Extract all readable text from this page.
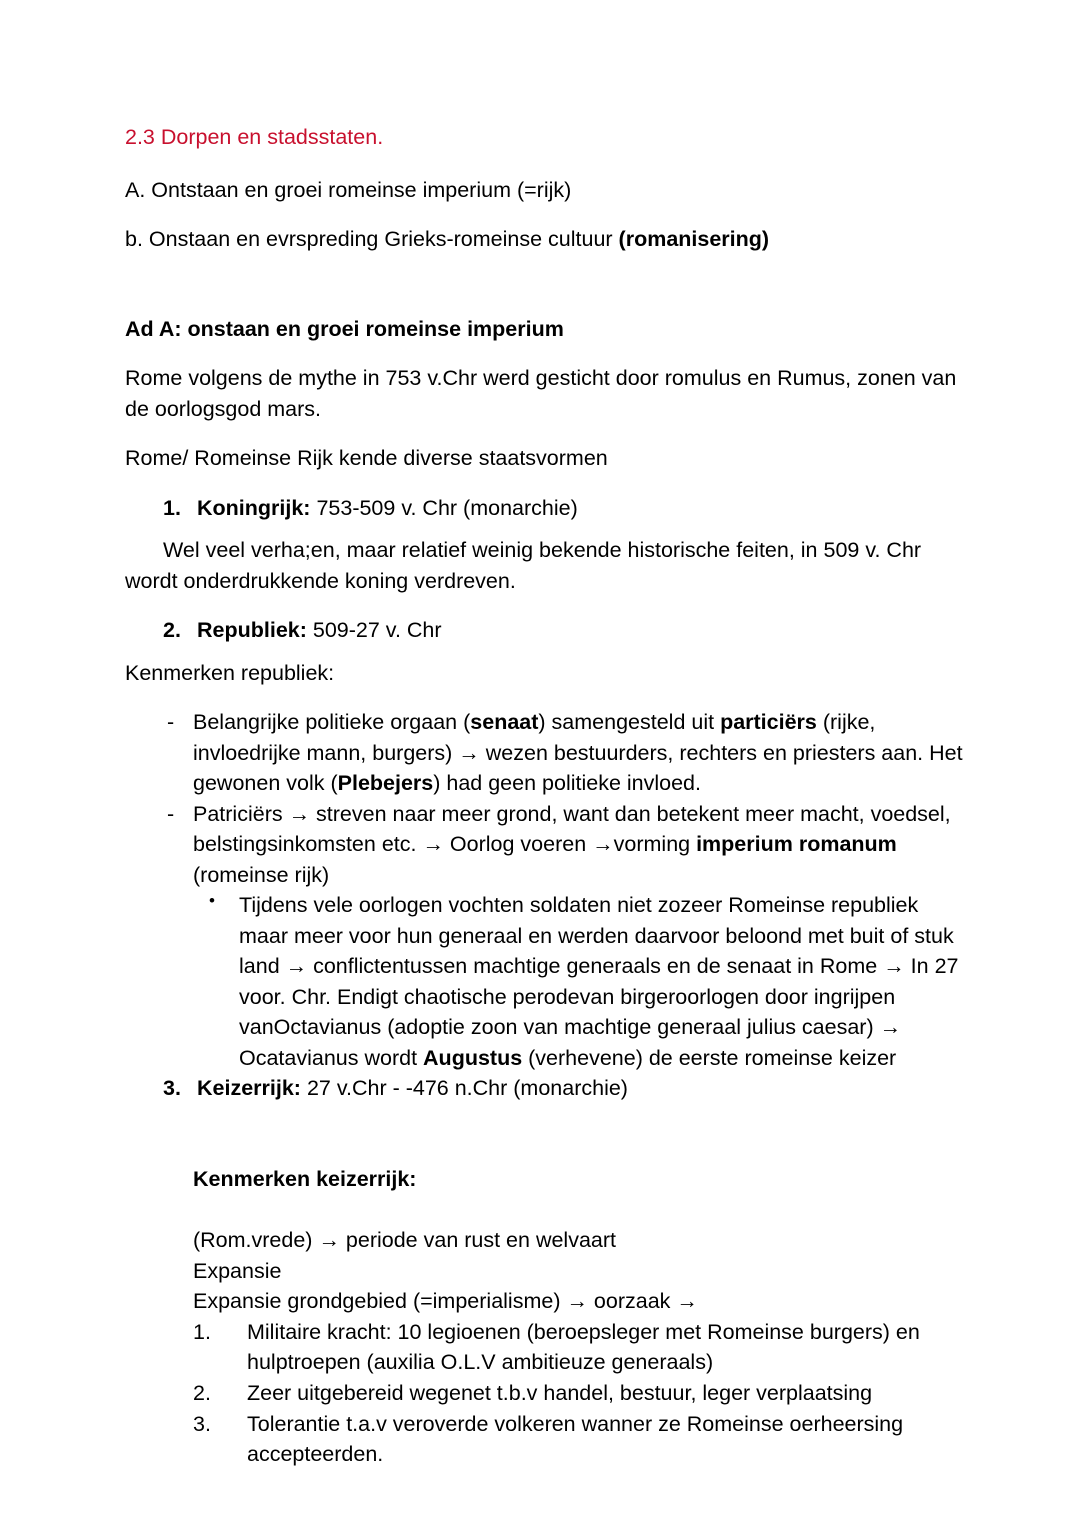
2.3 Dorpen en stadsstaten.

A. Ontstaan en groei romeinse imperium (=rijk)

b. Onstaan en evrspreding Grieks-romeinse cultuur (romanisering)

Ad A: onstaan en groei romeinse imperium

Rome volgens de mythe in 753 v.Chr werd gesticht door romulus en Rumus, zonen van de oorlogsgod mars.

Rome/ Romeinse Rijk kende diverse staatsvormen

1. Koningrijk: 753-509 v. Chr (monarchie)

Wel veel verha;en, maar relatief weinig bekende historische feiten, in 509 v. Chr wordt onderdrukkende koning verdreven.

2. Republiek: 509-27 v. Chr

Kenmerken republiek:

- Belangrijke politieke orgaan (senaat) samengesteld uit particiërs (rijke, invloedrijke mann, burgers) → wezen bestuurders, rechters en priesters aan. Het gewonen volk (Plebejers) had geen politieke invloed.
- Patriciërs → streven naar meer grond, want dan betekent meer macht, voedsel, belstingsinkomsten etc. → Oorlog voeren →vorming imperium romanum (romeinse rijk)
• Tijdens vele oorlogen vochten soldaten niet zozeer Romeinse republiek maar meer voor hun generaal en werden daarvoor beloond met buit of stuk land → conflictentussen machtige generaals en de senaat in Rome → In 27 voor. Chr. Endigt chaotische perodevan birgeroorlogen door ingrijpen vanOctavianus (adoptie zoon van machtige generaal julius caesar) → Ocatavianus wordt Augustus (verhevene) de eerste romeinse keizer
3. Keizerrijk: 27 v.Chr - -476 n.Chr (monarchie)

Kenmerken keizerrijk:

(Rom.vrede) → periode van rust en welvaart

Expansie

Expansie grondgebied (=imperialisme) → oorzaak →

1.	Militaire kracht: 10 legioenen (beroepsleger met Romeinse burgers) en hulptroepen (auxilia O.L.V ambitieuze generaals)
2.	Zeer uitgebereid wegenet t.b.v handel, bestuur, leger verplaatsing
3.	Tolerantie t.a.v veroverde volkeren wanner ze Romeinse oerheersing accepteerden.
